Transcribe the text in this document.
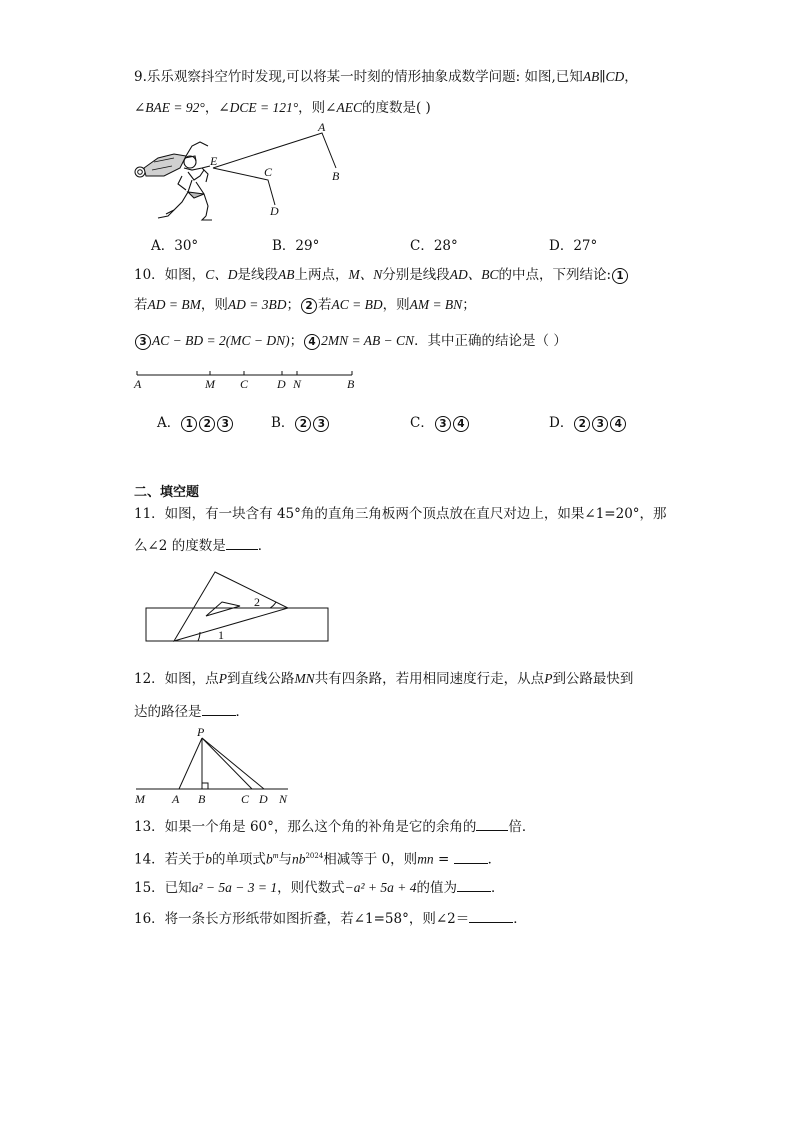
9.乐乐观察抖空竹时发现,可以将某一时刻的情形抽象成数学问题: 如图,已知AB∥CD，
∠BAE = 92°，∠DCE = 121°，则∠AEC的度数是( )
A
B
C
D
E
A．30°	B．29°	C．28°	D．27°
10．如图，C、D是线段AB上两点，M、N分别是线段AD、BC的中点，下列结论: 1
若AD = BM，则AD = 3BD； 2 若AC = BD，则AM = BN；
3 AC − BD = 2(MC − DN)； 4 2MN = AB − CN．其中正确的结论是（ ）
A	M C D N	B
A． 1 2 3	B． 2 3	C． 3 4	D． 2 3 4
二、填空题
11．如图，有一块含有 45°角的直角三角板两个顶点放在直尺对边上，如果∠1=20°，那
么∠2 的度数是 ．
2
1
12．如图，点P到直线公路MN共有四条路，若用相同速度行走，从点P到公路最快到
达的路径是	．
P
M A B	C D N
13．如果一个角是 60°，那么这个角的补角是它的余角的 倍．
14．若关于b的单项式$b^m$与$nb^{2024}$相减等于 0，则mn =	．
15．已知a² − 5a − 3 = 1，则代数式−a² + 5a + 4的值为	．
16．将一条长方形纸带如图折叠，若∠1=58°，则∠2＝	．
